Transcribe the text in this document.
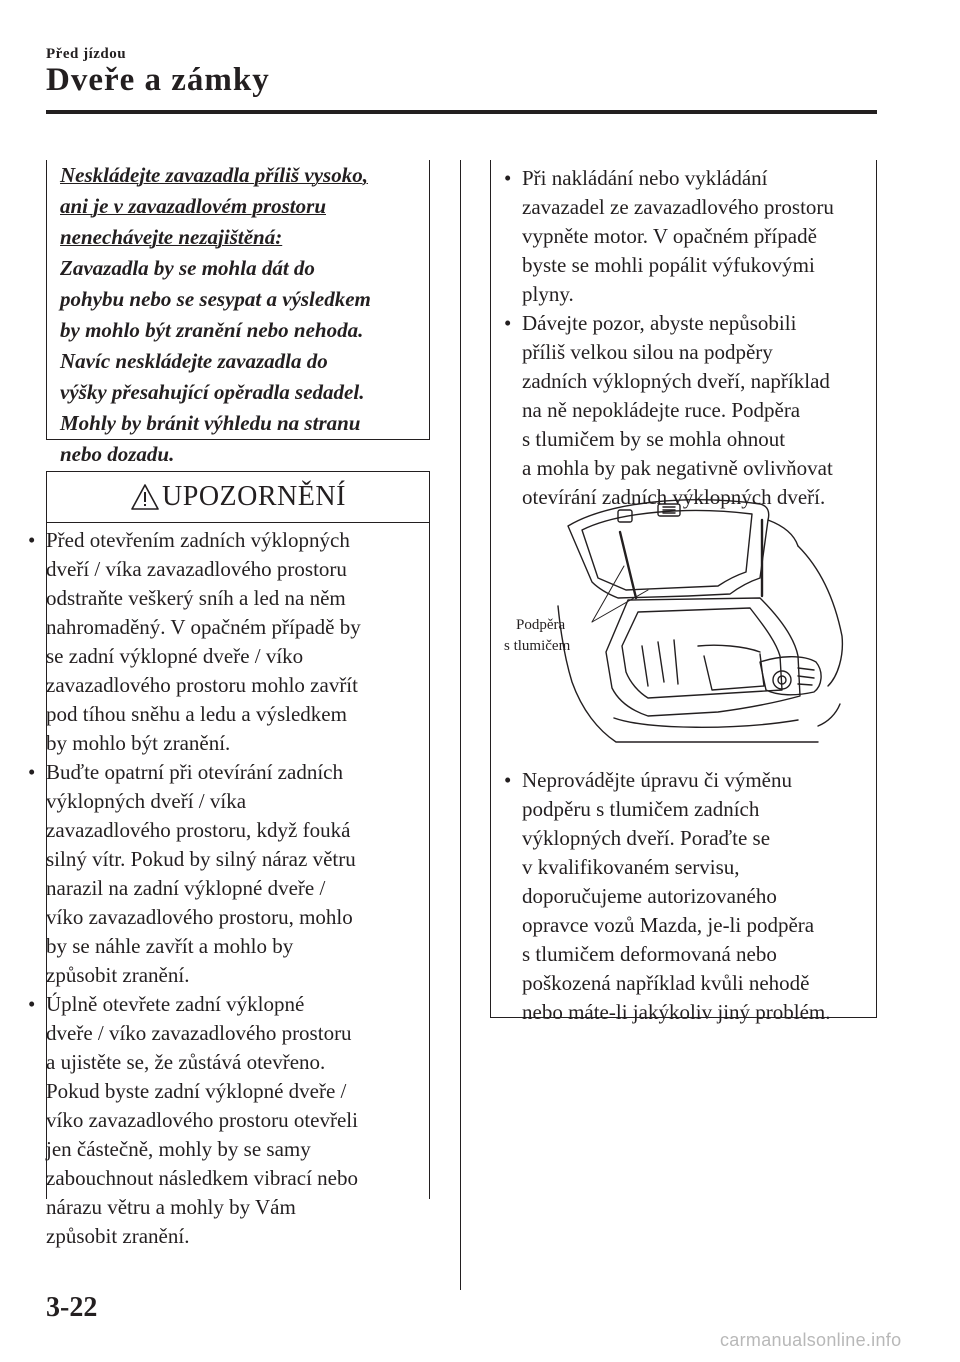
Před jízdou
Dveře a zámky
Neskládejte zavazadla příliš vysoko,
ani je v zavazadlovém prostoru
nenechávejte nezajištěná:
Zavazadla by se mohla dát do
pohybu nebo se sesypat a výsledkem
by mohlo být zranění nebo nehoda.
Navíc neskládejte zavazadla do
výšky přesahující opěradla sedadel.
Mohly by bránit výhledu na stranu
nebo dozadu.
UPOZORNĚNÍ
• Před otevřením zadních výklopných
dveří / víka zavazadlového prostoru
odstraňte veškerý sníh a led na něm
nahromaděný. V opačném případě by
se zadní výklopné dveře / víko
zavazadlového prostoru mohlo zavřít
pod tíhou sněhu a ledu a výsledkem
by mohlo být zranění.
• Buďte opatrní při otevírání zadních
výklopných dveří / víka
zavazadlového prostoru, když fouká
silný vítr. Pokud by silný náraz větru
narazil na zadní výklopné dveře /
víko zavazadlového prostoru, mohlo
by se náhle zavřít a mohlo by
způsobit zranění.
• Úplně otevřete zadní výklopné
dveře / víko zavazadlového prostoru
a ujistěte se, že zůstává otevřeno.
Pokud byste zadní výklopné dveře /
víko zavazadlového prostoru otevřeli
jen částečně, mohly by se samy
zabouchnout následkem vibrací nebo
nárazu větru a mohly by Vám
způsobit zranění.
• Při nakládání nebo vykládání
zavazadel ze zavazadlového prostoru
vypněte motor. V opačném případě
byste se mohli popálit výfukovými
plyny.
• Dávejte pozor, abyste nepůsobili
příliš velkou silou na podpěry
zadních výklopných dveří, například
na ně nepokládejte ruce. Podpěra
s tlumičem by se mohla ohnout
a mohla by pak negativně ovlivňovat
otevírání zadních výklopných dveří.
Podpěra
s tlumičem
• Neprovádějte úpravu či výměnu
podpěru s tlumičem zadních
výklopných dveří. Poraďte se
v kvalifikovaném servisu,
doporučujeme autorizovaného
opravce vozů Mazda, je-li podpěra
s tlumičem deformovaná nebo
poškozená například kvůli nehodě
nebo máte-li jakýkoliv jiný problém.
3-22
carmanualsonline.info
